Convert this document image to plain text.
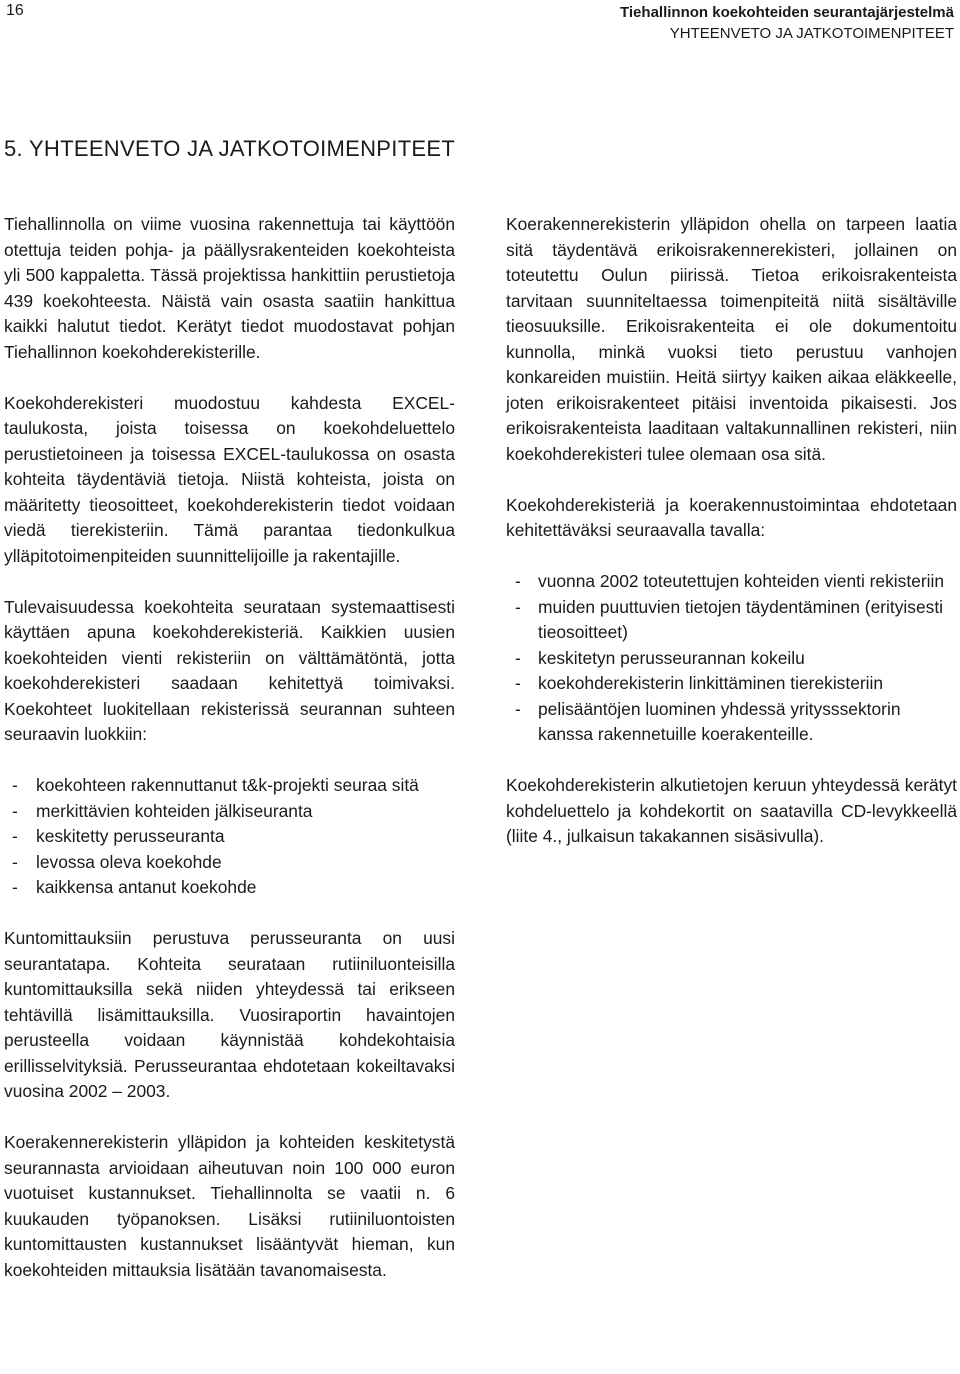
16	Tiehallinnon koekohteiden seurantajärjestelmä
YHTEENVETO JA JATKOTOIMENPITEET
5. YHTEENVETO JA JATKOTOIMENPITEET

Tiehallinnolla on viime vuosina rakennettuja tai käyttöön otettuja teiden pohja- ja päällysrakenteiden koekohteista yli 500 kappaletta. Tässä projektissa hankittiin perustietoja 439 koekohteesta. Näistä vain osasta saatiin hankittua kaikki halutut tiedot. Kerätyt tiedot muodostavat pohjan Tiehallinnon koekohderekisterille.

Koekohderekisteri muodostuu kahdesta EXCEL-taulukosta, joista toisessa on koekohdeluettelo perustietoineen ja toisessa EXCEL-taulukossa on osasta kohteita täydentäviä tietoja. Niistä kohteista, joista on määritetty tieosoitteet, koekohderekisterin tiedot voidaan viedä tierekisteriin. Tämä parantaa tiedonkulkua ylläpitotoimenpiteiden suunnittelijoille ja rakentajille.

Tulevaisuudessa koekohteita seurataan systemaattisesti käyttäen apuna koekohderekisteriä. Kaikkien uusien koekohteiden vienti rekisteriin on välttämätöntä, jotta koekohderekisteri saadaan kehitettyä toimivaksi. Koekohteet luokitellaan rekisterissä seurannan suhteen seuraavin luokkiin:

- koekohteen rakennuttanut t&k-projekti seuraa sitä
- merkittävien kohteiden jälkiseuranta
- keskitetty perusseuranta
- levossa oleva koekohde
- kaikkensa antanut koekohde

Kuntomittauksiin perustuva perusseuranta on uusi seurantatapa. Kohteita seurataan rutiiniluonteisilla kuntomittauksilla sekä niiden yhteydessä tai erikseen tehtävillä lisämittauksilla. Vuosiraportin havaintojen perusteella voidaan käynnistää kohdekohtaisia erillisselvityksiä. Perusseurantaa ehdotetaan kokeiltavaksi vuosina 2002 – 2003.

Koerakennerekisterin ylläpidon ja kohteiden keskitetystä seurannasta arvioidaan aiheutuvan noin 100 000 euron vuotuiset kustannukset. Tiehallinnolta se vaatii n. 6 kuukauden työpanoksen. Lisäksi rutiiniluontoisten kuntomittausten kustannukset lisääntyvät hieman, kun koekohteiden mittauksia lisätään tavanomaisesta.

Koerakennerekisterin ylläpidon ohella on tarpeen laatia sitä täydentävä erikoisrakennerekisteri, jollainen on toteutettu Oulun piirissä. Tietoa erikoisrakenteista tarvitaan suunniteltaessa toimenpiteitä niitä sisältäville tieosuuksille. Erikoisrakenteita ei ole dokumentoitu kunnolla, minkä vuoksi tieto perustuu vanhojen konkareiden muistiin. Heitä siirtyy kaiken aikaa eläkkeelle, joten erikoisrakenteet pitäisi inventoida pikaisesti. Jos erikoisrakenteista laaditaan valtakunnallinen rekisteri, niin koekohderekisteri tulee olemaan osa sitä.

Koekohderekisteriä ja koerakennustoimintaa ehdotetaan kehitettäväksi seuraavalla tavalla:

- vuonna 2002 toteutettujen kohteiden vienti rekisteriin
- muiden puuttuvien tietojen täydentäminen (erityisesti tieosoitteet)
- keskitetyn perusseurannan kokeilu
- koekohderekisterin linkittäminen tierekisteriin
- pelisääntöjen luominen yhdessä yritysssektorin kanssa rakennetuille koerakenteille.

Koekohderekisterin alkutietojen keruun yhteydessä kerätyt kohdeluettelo ja kohdekortit on saatavilla CD-levykkeellä (liite 4., julkaisun takakannen sisäsivulla).
